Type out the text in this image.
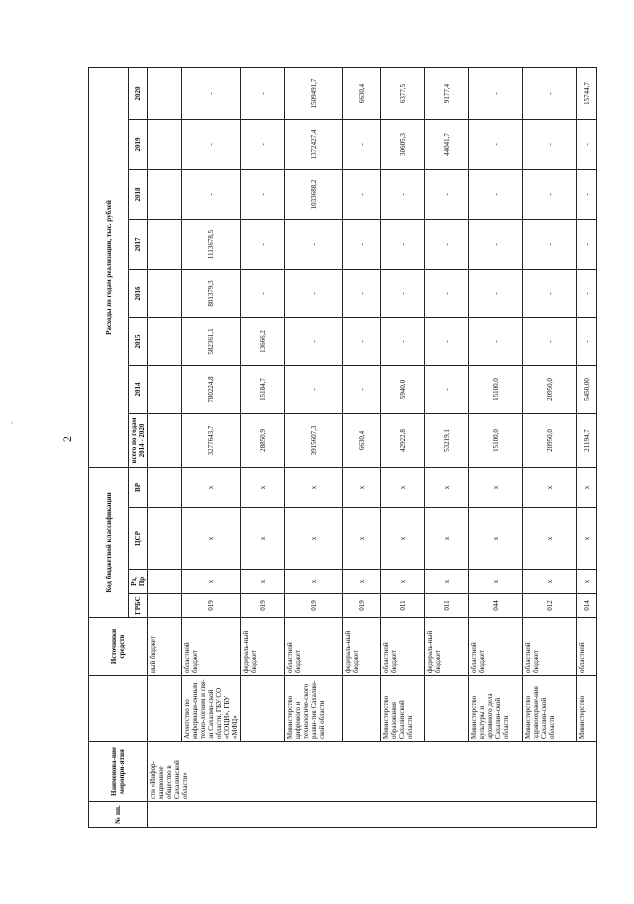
2
ˇ
№ пп.	Наименова-ние меропри-ятия		Источники средств	Код бюджетной классификации				Расходы по годам реализации, тыс. рублей							
				ГРБС	Рз, Пр	ЦСР	ВР	всего по годам 2014 - 2020	2014	2015	2016	2017	2018	2019	2020
	сти «Инфор-мационное общество в Сахалинской области»		ный бюджет												
		Агентство по информаци-онным техно-логиям и свя-зи Сахалин-ской области, ГБУ СО «СОЦИ», ГБУ «МФЦ»	областной бюджет	019	х	х	х	3277643,7	780224,8	582361,1	801379,3	1113678,5	-	-	-
			федераль-ный бюджет	019	х	х	х	28850,9	15184,7	13666,2	-	-	-	-	-
		Министерство цифрового и технологиче-ского разви-тия Сахалин-ской области	областной бюджет	019	х	х	х	3915607,3	-	-	-	-	1033688,2	1372427,4	1509491,7
			федераль-ный бюджет	019	х	х	х	6630,4	-	-	-	-	-	-	6630,4
		Министерство образования Сахалинской области	областной бюджет	011	х	х	х	42922,8	5940,0	-	-	-	-	30605,3	6377,5
			федераль-ный бюджет	011	х	х	х	53219,1	-	-	-	-	-	44041,7	9177,4
		Министерство культуры и архивного дела Сахалин-ской области	областной бюджет	044	х	х	х	15100,0	15100,0	-	-	-	-	-	-
		Министерство здравоохране-ния Сахалин-ской области	областной бюджет	012	х	х	х	20950,0	20950,0	-	-	-	-	-	-
		Министерство	областной	014	х	х	х	21194,7	5450,00	-	-	-	-	-	15744,7
